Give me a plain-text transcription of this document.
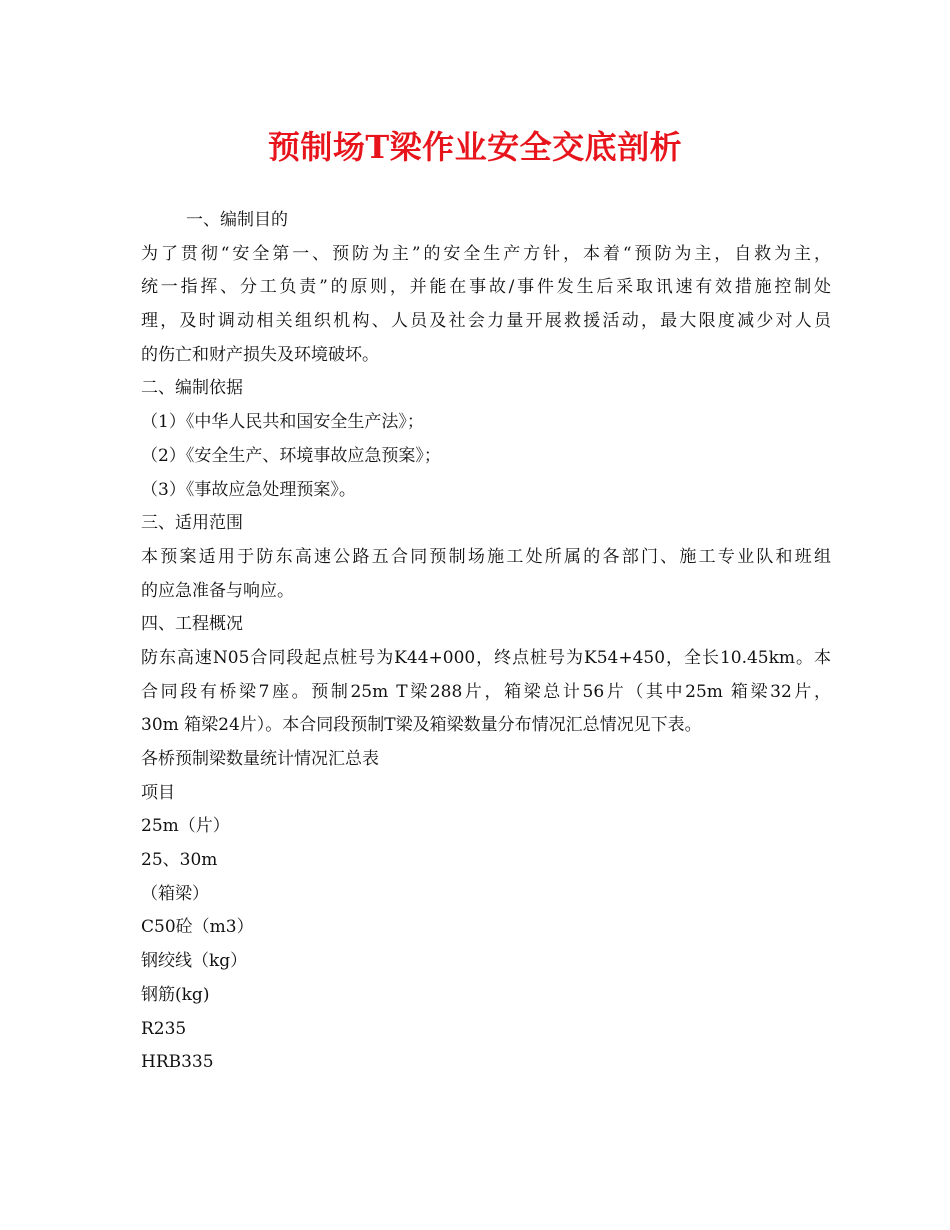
预制场T梁作业安全交底剖析
一、编制目的
为了贯彻“安全第一、预防为主”的安全生产方针，本着“预防为主，自救为主，
统一指挥、分工负责”的原则，并能在事故/事件发生后采取讯速有效措施控制处
理，及时调动相关组织机构、人员及社会力量开展救援活动，最大限度减少对人员
的伤亡和财产损失及环境破坏。
二、编制依据
（1）《中华人民共和国安全生产法》；
（2）《安全生产、环境事故应急预案》；
（3）《事故应急处理预案》。
三、适用范围
本预案适用于防东高速公路五合同预制场施工处所属的各部门、施工专业队和班组
的应急准备与响应。
四、工程概况
防东高速N05合同段起点桩号为K44+000，终点桩号为K54+450，全长10.45km。本
合同段有桥梁7座。预制25m T梁288片，箱梁总计56片（其中25m 箱梁32片，
30m 箱梁24片）。本合同段预制T梁及箱梁数量分布情况汇总情况见下表。
各桥预制梁数量统计情况汇总表
项目
25m（片）
25、30m
（箱梁）
C50砼（m3）
钢绞线（kg）
钢筋(kg)
R235
HRB335
